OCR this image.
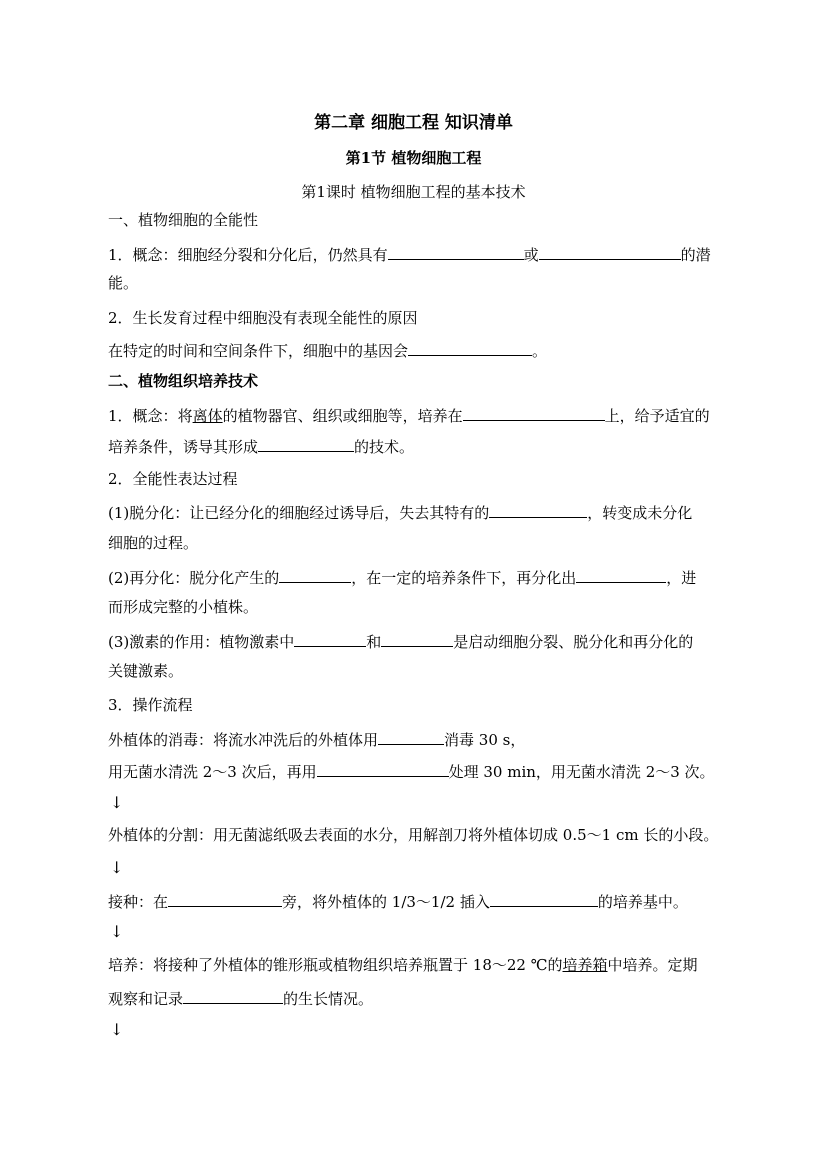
第二章 细胞工程 知识清单
第1节 植物细胞工程
第1课时 植物细胞工程的基本技术
一、植物细胞的全能性
1．概念：细胞经分裂和分化后，仍然具有	或	的潜
能。
2．生长发育过程中细胞没有表现全能性的原因
在特定的时间和空间条件下，细胞中的基因会	。
二、植物组织培养技术
1．概念：将离体的植物器官、组织或细胞等，培养在	上，给予适宜的
培养条件，诱导其形成	的技术。
2．全能性表达过程
(1)脱分化：让已经分化的细胞经过诱导后，失去其特有的	，转变成未分化
细胞的过程。
(2)再分化：脱分化产生的	，在一定的培养条件下，再分化出	，进
而形成完整的小植株。
(3)激素的作用：植物激素中	和	是启动细胞分裂、脱分化和再分化的
关键激素。
3．操作流程
外植体的消毒：将流水冲洗后的外植体用	消毒 30 s，
用无菌水清洗 2～3 次后，再用	处理 30 min，用无菌水清洗 2～3 次。
↓
外植体的分割：用无菌滤纸吸去表面的水分，用解剖刀将外植体切成 0.5～1 cm 长的小段。
↓
接种：在	旁，将外植体的 1/3～1/2 插入	的培养基中。
↓
培养：将接种了外植体的锥形瓶或植物组织培养瓶置于 18～22 ℃的培养箱中培养。定期
观察和记录	的生长情况。
↓
